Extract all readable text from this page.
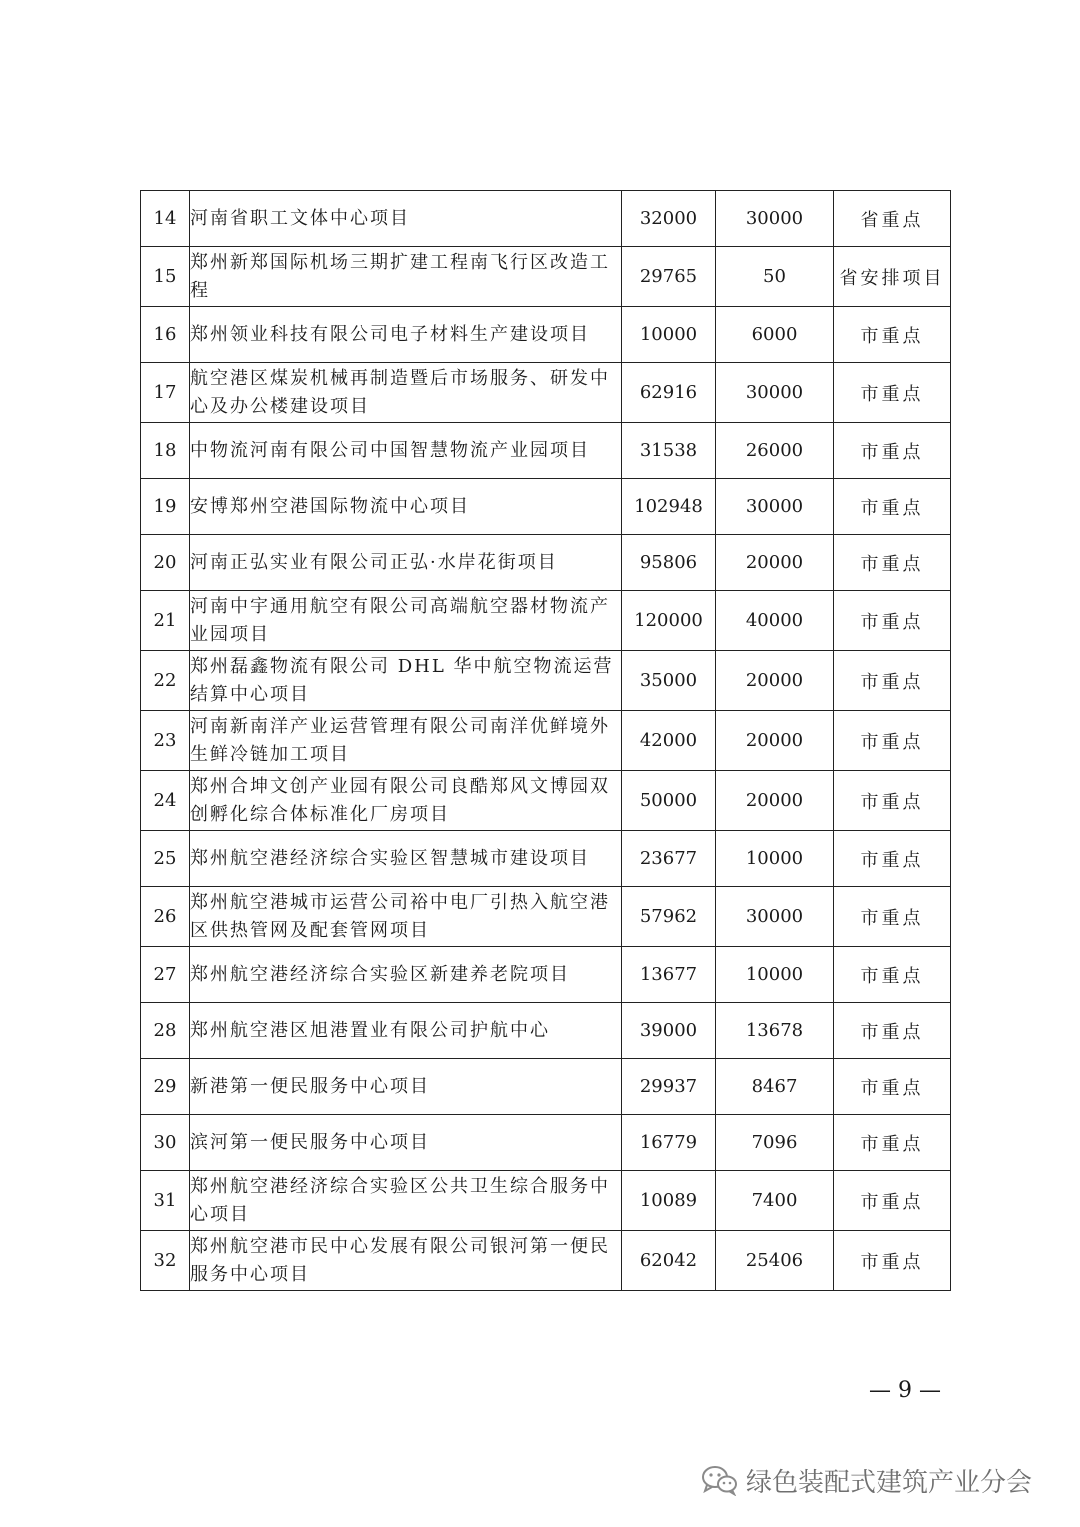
14	河南省职工文体中心项目	32000	30000	省重点
15	郑州新郑国际机场三期扩建工程南飞行区改造工程	29765	50	省安排项目
16	郑州领业科技有限公司电子材料生产建设项目	10000	6000	市重点
17	航空港区煤炭机械再制造暨后市场服务、研发中心及办公楼建设项目	62916	30000	市重点
18	中物流河南有限公司中国智慧物流产业园项目	31538	26000	市重点
19	安博郑州空港国际物流中心项目	102948	30000	市重点
20	河南正弘实业有限公司正弘·水岸花街项目	95806	20000	市重点
21	河南中宇通用航空有限公司高端航空器材物流产业园项目	120000	40000	市重点
22	郑州磊鑫物流有限公司 DHL 华中航空物流运营结算中心项目	35000	20000	市重点
23	河南新南洋产业运营管理有限公司南洋优鲜境外生鲜冷链加工项目	42000	20000	市重点
24	郑州合坤文创产业园有限公司良酷郑风文博园双创孵化综合体标准化厂房项目	50000	20000	市重点
25	郑州航空港经济综合实验区智慧城市建设项目	23677	10000	市重点
26	郑州航空港城市运营公司裕中电厂引热入航空港区供热管网及配套管网项目	57962	30000	市重点
27	郑州航空港经济综合实验区新建养老院项目	13677	10000	市重点
28	郑州航空港区旭港置业有限公司护航中心	39000	13678	市重点
29	新港第一便民服务中心项目	29937	8467	市重点
30	滨河第一便民服务中心项目	16779	7096	市重点
31	郑州航空港经济综合实验区公共卫生综合服务中心项目	10089	7400	市重点
32	郑州航空港市民中心发展有限公司银河第一便民服务中心项目	62042	25406	市重点
— 9 —
绿色装配式建筑产业分会
